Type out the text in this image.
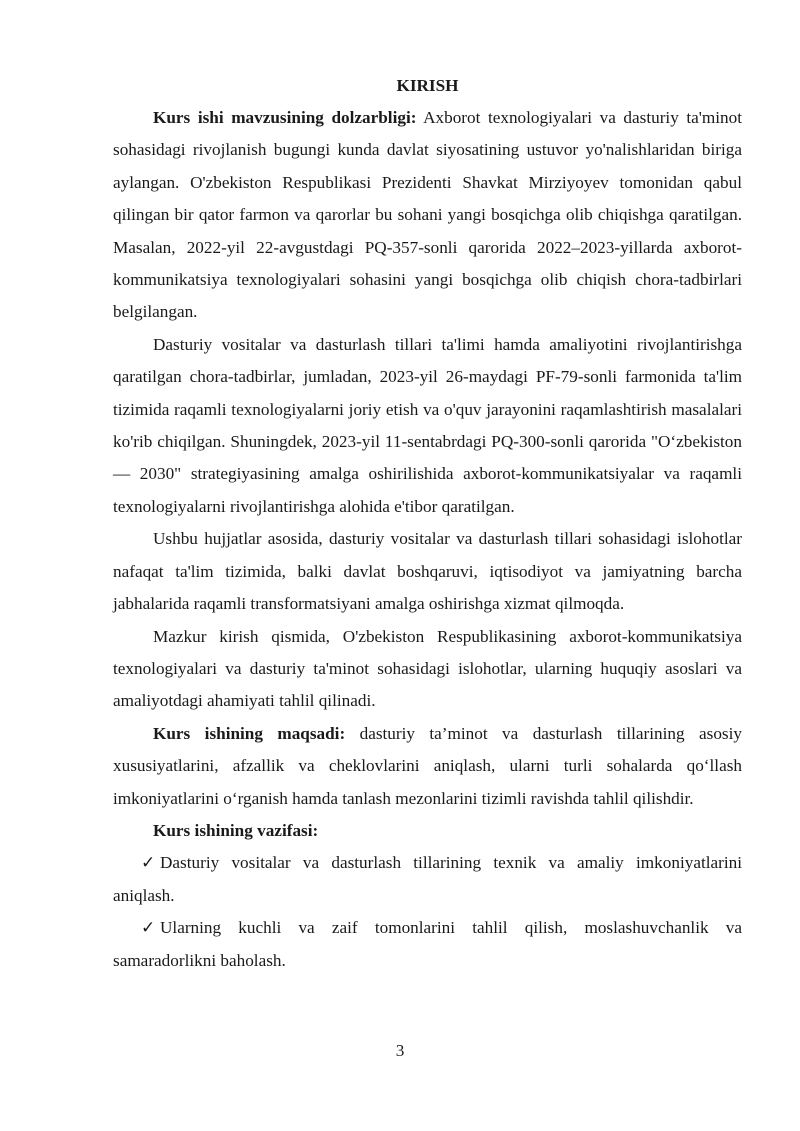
KIRISH

Kurs ishi mavzusining dolzarbligi: Axborot texnologiyalari va dasturiy ta'minot sohasidagi rivojlanish bugungi kunda davlat siyosatining ustuvor yo'nalishlaridan biriga aylangan. O'zbekiston Respublikasi Prezidenti Shavkat Mirziyoyev tomonidan qabul qilingan bir qator farmon va qarorlar bu sohani yangi bosqichga olib chiqishga qaratilgan. Masalan, 2022-yil 22-avgustdagi PQ-357-sonli qarorida 2022–2023-yillarda axborot-kommunikatsiya texnologiyalari sohasini yangi bosqichga olib chiqish chora-tadbirlari belgilangan.

Dasturiy vositalar va dasturlash tillari ta'limi hamda amaliyotini rivojlantirishga qaratilgan chora-tadbirlar, jumladan, 2023-yil 26-maydagi PF-79-sonli farmonida ta'lim tizimida raqamli texnologiyalarni joriy etish va o'quv jarayonini raqamlashtirish masalalari ko'rib chiqilgan. Shuningdek, 2023-yil 11-sentabrdagi PQ-300-sonli qarorida "O‘zbekiston — 2030" strategiyasining amalga oshirilishida axborot-kommunikatsiyalar va raqamli texnologiyalarni rivojlantirishga alohida e'tibor qaratilgan.

Ushbu hujjatlar asosida, dasturiy vositalar va dasturlash tillari sohasidagi islohotlar nafaqat ta'lim tizimida, balki davlat boshqaruvi, iqtisodiyot va jamiyatning barcha jabhalarida raqamli transformatsiyani amalga oshirishga xizmat qilmoqda.

Mazkur kirish qismida, O'zbekiston Respublikasining axborot-kommunikatsiya texnologiyalari va dasturiy ta'minot sohasidagi islohotlar, ularning huquqiy asoslari va amaliyotdagi ahamiyati tahlil qilinadi.

Kurs ishining maqsadi: dasturiy ta’minot va dasturlash tillarining asosiy xususiyatlarini, afzallik va cheklovlarini aniqlash, ularni turli sohalarda qo‘llash imkoniyatlarini o‘rganish hamda tanlash mezonlarini tizimli ravishda tahlil qilishdir.

Kurs ishining vazifasi:

✓ Dasturiy vositalar va dasturlash tillarining texnik va amaliy imkoniyatlarini aniqlash.

✓ Ularning kuchli va zaif tomonlarini tahlil qilish, moslashuvchanlik va samaradorlikni baholash.

3
